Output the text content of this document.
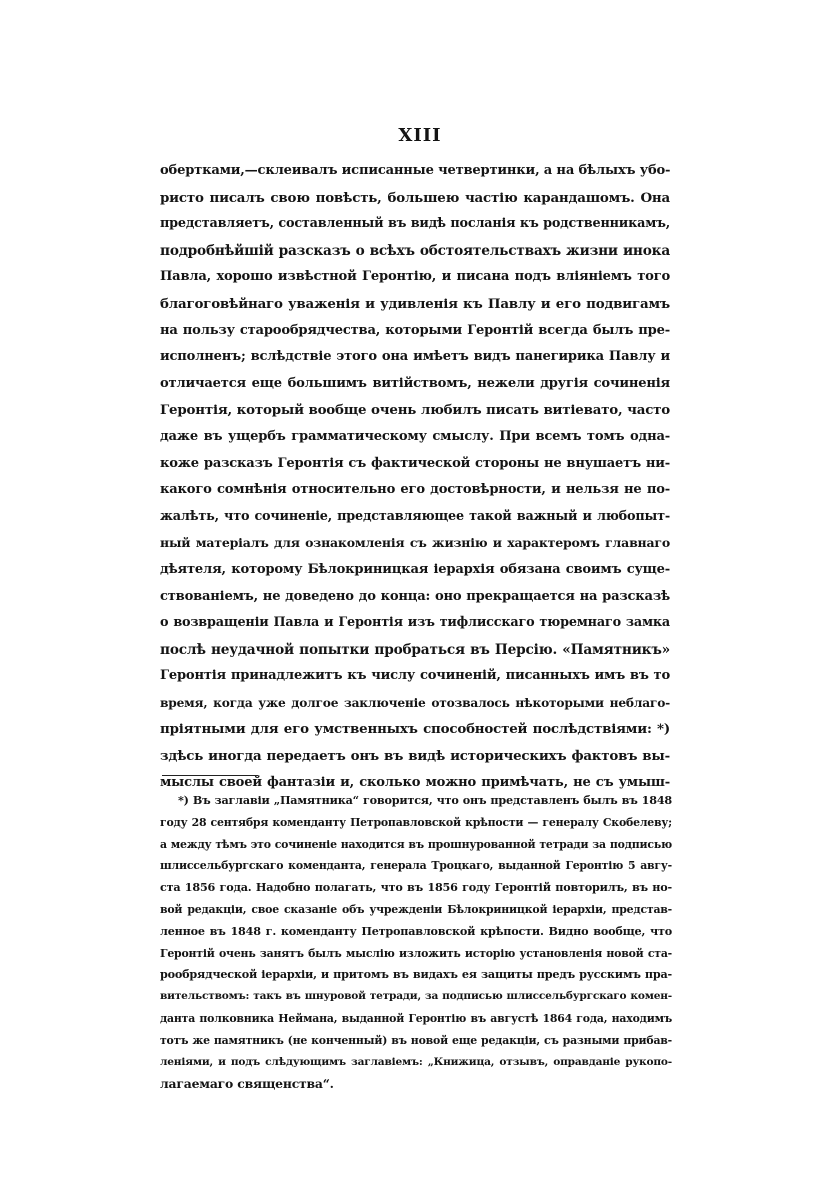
XIII
обертками,—склеивалъ исписанные четвертинки, а на бѣлыхъ убо-
ристо писалъ свою повѣсть, большею частію карандашомъ. Она
представляетъ, составленный въ видѣ посланія къ родственникамъ,
подробнѣйшій разсказъ о всѣхъ обстоятельствахъ жизни инока
Павла, хорошо извѣстной Геронтію, и писана подъ вліяніемъ того
благоговѣйнаго уваженія и удивленія къ Павлу и его подвигамъ
на пользу старообрядчества, которыми Геронтій всегда былъ пре-
исполненъ; вслѣдствіе этого она имѣетъ видъ панегирика Павлу и
отличается еще большимъ витійствомъ, нежели другія сочиненія
Геронтія, который вообще очень любилъ писать витіевато, часто
даже въ ущербъ грамматическому смыслу. При всемъ томъ одна-
коже разсказъ Геронтія съ фактической стороны не внушаетъ ни-
какого сомнѣнія относительно его достовѣрности, и нельзя не по-
жалѣть, что сочиненіе, представляющее такой важный и любопыт-
ный матеріалъ для ознакомленія съ жизнію и характеромъ главнаго
дѣятеля, которому Бѣлокриницкая іерархія обязана своимъ суще-
ствованіемъ, не доведено до конца: оно прекращается на разсказѣ
о возвращеніи Павла и Геронтія изъ тифлисскаго тюремнаго замка
послѣ неудачной попытки пробраться въ Персію. «Памятникъ»
Геронтія принадлежитъ къ числу сочиненій, писанныхъ имъ въ то
время, когда уже долгое заключеніе отозвалось нѣкоторыми неблаго-
пріятными для его умственныхъ способностей послѣдствіями: *)
здѣсь иногда передаетъ онъ въ видѣ историческихъ фактовъ вы-
мыслы своей фантазіи и, сколько можно примѣчать, не съ умыш-
*) Въ заглавіи „Памятника“ говорится, что онъ представленъ былъ въ 1848
году 28 сентября коменданту Петропавловской крѣпости — генералу Скобелеву;
а между тѣмъ это сочиненіе находится въ прошнурованной тетради за подписью
шлиссельбургскаго коменданта, генерала Троцкаго, выданной Геронтію 5 авгу-
ста 1856 года. Надобно полагать, что въ 1856 году Геронтій повторилъ, въ но-
вой редакціи, свое сказаніе объ учрежденіи Бѣлокриницкой іерархіи, представ-
ленное въ 1848 г. коменданту Петропавловской крѣпости. Видно вообще, что
Геронтій очень занятъ былъ мыслію изложить исторію установленія новой ста-
рообрядческой іерархіи, и притомъ въ видахъ ея защиты предъ русскимъ пра-
вительствомъ: такъ въ шнуровой тетради, за подписью шлиссельбургскаго комен-
данта полковника Неймана, выданной Геронтію въ августѣ 1864 года, находимъ
тотъ же памятникъ (не конченный) въ новой еще редакціи, съ разными прибав-
леніями, и подъ слѣдующимъ заглавіемъ: „Книжица, отзывъ, оправданіе рукопо-
лагаемаго священства“.
